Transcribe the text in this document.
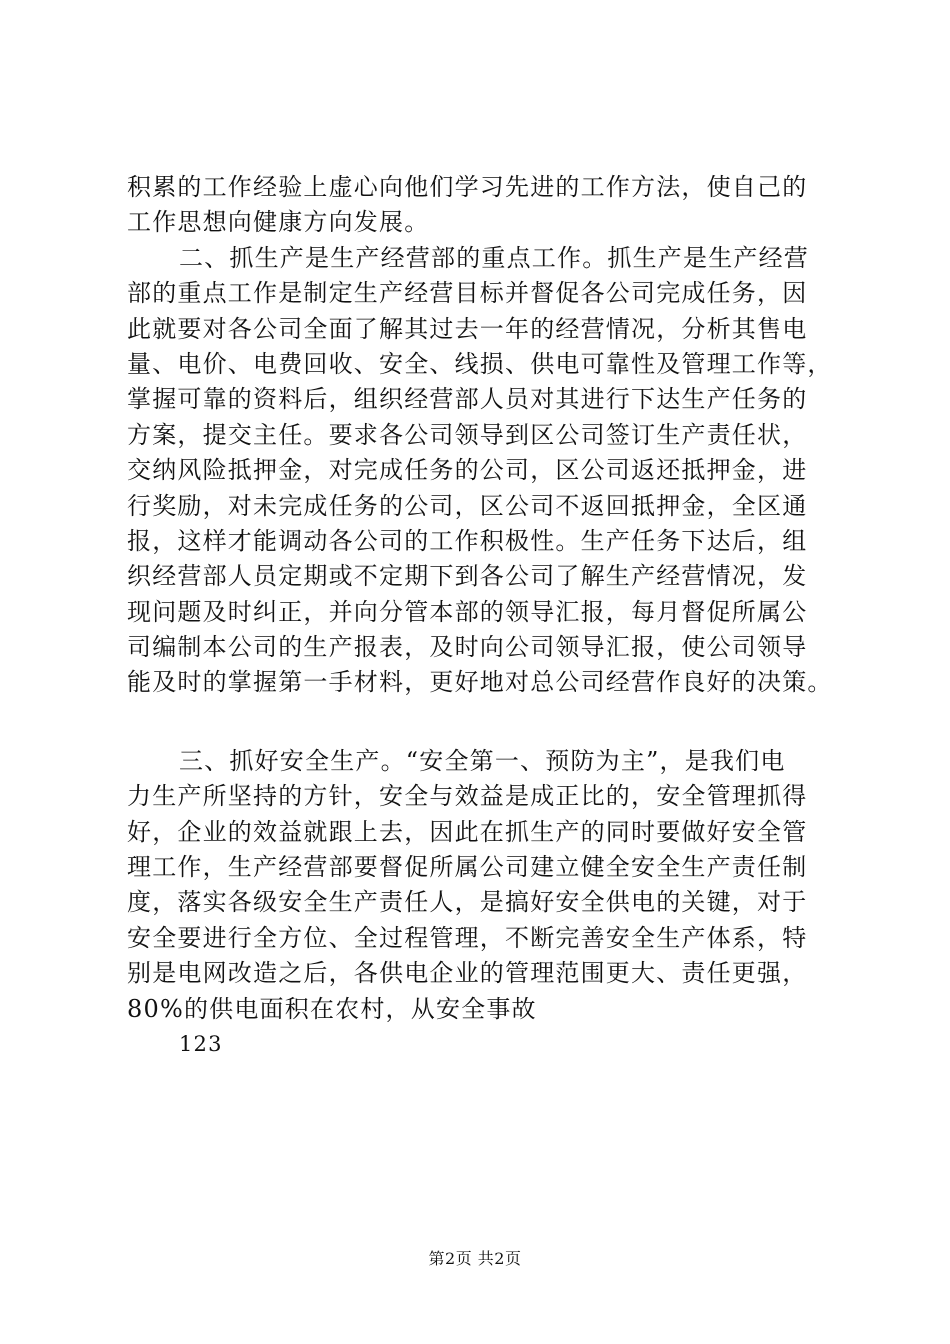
积累的工作经验上虚心向他们学习先进的工作方法，使自己的
工作思想向健康方向发展。
二、抓生产是生产经营部的重点工作。抓生产是生产经营
部的重点工作是制定生产经营目标并督促各公司完成任务，因
此就要对各公司全面了解其过去一年的经营情况，分析其售电
量、电价、电费回收、安全、线损、供电可靠性及管理工作等，
掌握可靠的资料后，组织经营部人员对其进行下达生产任务的
方案，提交主任。要求各公司领导到区公司签订生产责任状，
交纳风险抵押金，对完成任务的公司，区公司返还抵押金，进
行奖励，对未完成任务的公司，区公司不返回抵押金，全区通
报，这样才能调动各公司的工作积极性。生产任务下达后，组
织经营部人员定期或不定期下到各公司了解生产经营情况，发
现问题及时纠正，并向分管本部的领导汇报，每月督促所属公
司编制本公司的生产报表，及时向公司领导汇报，使公司领导
能及时的掌握第一手材料，更好地对总公司经营作良好的决策。
三、抓好安全生产。“安全第一、预防为主”，是我们电
力生产所坚持的方针，安全与效益是成正比的，安全管理抓得
好，企业的效益就跟上去，因此在抓生产的同时要做好安全管
理工作，生产经营部要督促所属公司建立健全安全生产责任制
度，落实各级安全生产责任人，是搞好安全供电的关键，对于
安全要进行全方位、全过程管理，不断完善安全生产体系，特
别是电网改造之后，各供电企业的管理范围更大、责任更强，
80%的供电面积在农村，从安全事故
123
第2页 共2页
